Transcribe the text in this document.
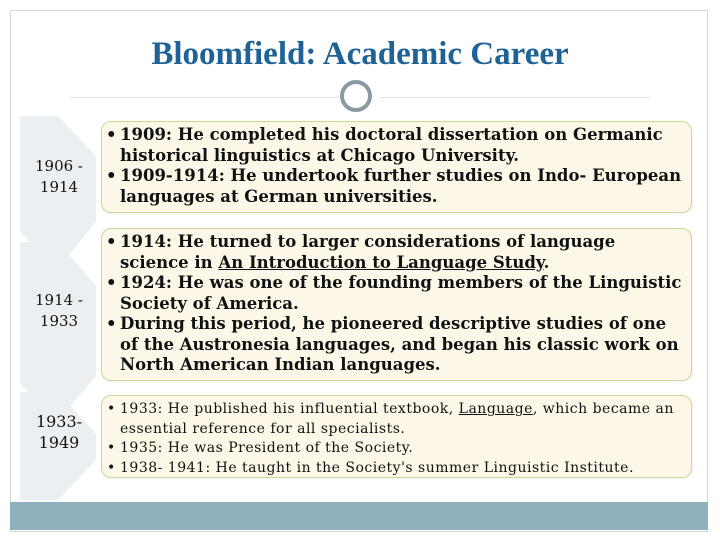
Bloomfield: Academic Career
1906 -
1914
1914 -
1933
1933-
1949
• 1909: He completed his doctoral dissertation on Germanic historical linguistics at Chicago University.
• 1909-1914: He undertook further studies on Indo- European languages at German universities.
• 1914: He turned to larger considerations of language science in An Introduction to Language Study.
• 1924: He was one of the founding members of the Linguistic Society of America.
• During this period, he pioneered descriptive studies of one of the Austronesia languages, and began his classic work on North American Indian languages.
• 1933: He published his influential textbook, Language, which became an essential reference for all specialists.
• 1935: He was President of the Society.
• 1938- 1941: He taught in the Society's summer Linguistic Institute.
